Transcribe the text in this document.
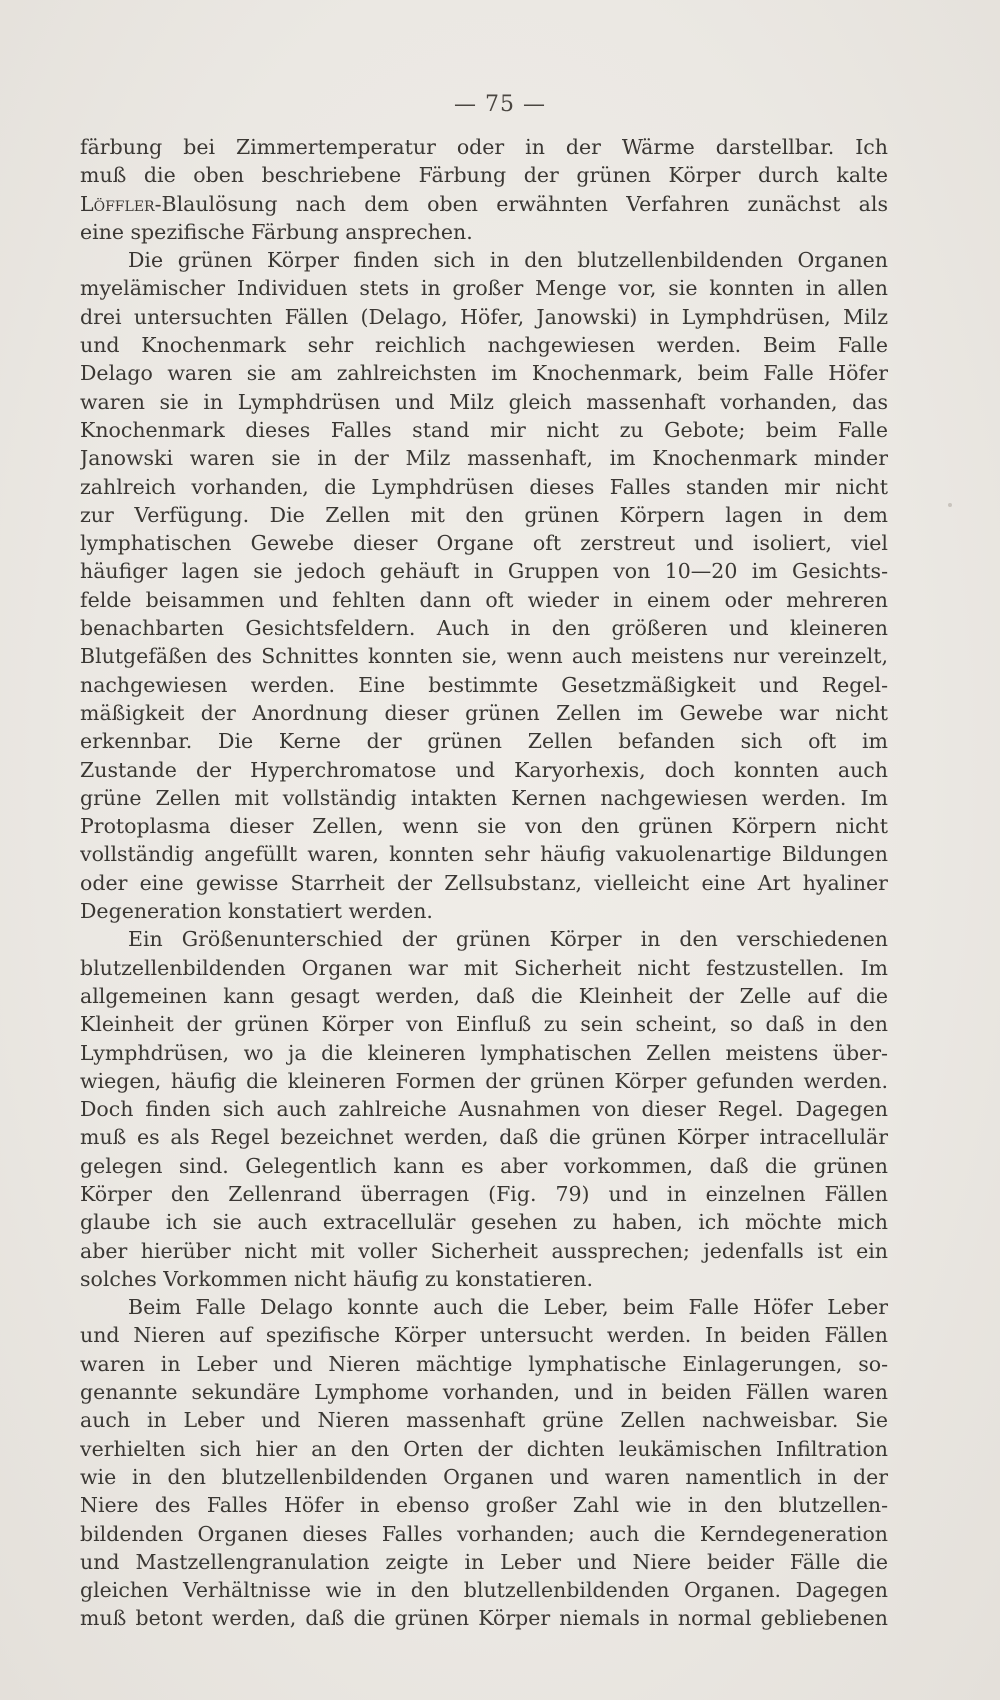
— 75 —
färbung bei Zimmertemperatur oder in der Wärme darstellbar. Ich
muß die oben beschriebene Färbung der grünen Körper durch kalte
Löffler-Blaulösung nach dem oben erwähnten Verfahren zunächst als
eine spezifische Färbung ansprechen.
Die grünen Körper finden sich in den blutzellenbildenden Organen
myelämischer Individuen stets in großer Menge vor, sie konnten in allen
drei untersuchten Fällen (Delago, Höfer, Janowski) in Lymphdrüsen, Milz
und Knochenmark sehr reichlich nachgewiesen werden. Beim Falle
Delago waren sie am zahlreichsten im Knochenmark, beim Falle Höfer
waren sie in Lymphdrüsen und Milz gleich massenhaft vorhanden, das
Knochenmark dieses Falles stand mir nicht zu Gebote; beim Falle
Janowski waren sie in der Milz massenhaft, im Knochenmark minder
zahlreich vorhanden, die Lymphdrüsen dieses Falles standen mir nicht
zur Verfügung. Die Zellen mit den grünen Körpern lagen in dem
lymphatischen Gewebe dieser Organe oft zerstreut und isoliert, viel
häufiger lagen sie jedoch gehäuft in Gruppen von 10—20 im Gesichts-
felde beisammen und fehlten dann oft wieder in einem oder mehreren
benachbarten Gesichtsfeldern. Auch in den größeren und kleineren
Blutgefäßen des Schnittes konnten sie, wenn auch meistens nur vereinzelt,
nachgewiesen werden. Eine bestimmte Gesetzmäßigkeit und Regel-
mäßigkeit der Anordnung dieser grünen Zellen im Gewebe war nicht
erkennbar. Die Kerne der grünen Zellen befanden sich oft im
Zustande der Hyperchromatose und Karyorhexis, doch konnten auch
grüne Zellen mit vollständig intakten Kernen nachgewiesen werden. Im
Protoplasma dieser Zellen, wenn sie von den grünen Körpern nicht
vollständig angefüllt waren, konnten sehr häufig vakuolenartige Bildungen
oder eine gewisse Starrheit der Zellsubstanz, vielleicht eine Art hyaliner
Degeneration konstatiert werden.
Ein Größenunterschied der grünen Körper in den verschiedenen
blutzellenbildenden Organen war mit Sicherheit nicht festzustellen. Im
allgemeinen kann gesagt werden, daß die Kleinheit der Zelle auf die
Kleinheit der grünen Körper von Einfluß zu sein scheint, so daß in den
Lymphdrüsen, wo ja die kleineren lymphatischen Zellen meistens über-
wiegen, häufig die kleineren Formen der grünen Körper gefunden werden.
Doch finden sich auch zahlreiche Ausnahmen von dieser Regel. Dagegen
muß es als Regel bezeichnet werden, daß die grünen Körper intracellulär
gelegen sind. Gelegentlich kann es aber vorkommen, daß die grünen
Körper den Zellenrand überragen (Fig. 79) und in einzelnen Fällen
glaube ich sie auch extracellulär gesehen zu haben, ich möchte mich
aber hierüber nicht mit voller Sicherheit aussprechen; jedenfalls ist ein
solches Vorkommen nicht häufig zu konstatieren.
Beim Falle Delago konnte auch die Leber, beim Falle Höfer Leber
und Nieren auf spezifische Körper untersucht werden. In beiden Fällen
waren in Leber und Nieren mächtige lymphatische Einlagerungen, so-
genannte sekundäre Lymphome vorhanden, und in beiden Fällen waren
auch in Leber und Nieren massenhaft grüne Zellen nachweisbar. Sie
verhielten sich hier an den Orten der dichten leukämischen Infiltration
wie in den blutzellenbildenden Organen und waren namentlich in der
Niere des Falles Höfer in ebenso großer Zahl wie in den blutzellen-
bildenden Organen dieses Falles vorhanden; auch die Kerndegeneration
und Mastzellengranulation zeigte in Leber und Niere beider Fälle die
gleichen Verhältnisse wie in den blutzellenbildenden Organen. Dagegen
muß betont werden, daß die grünen Körper niemals in normal gebliebenen
